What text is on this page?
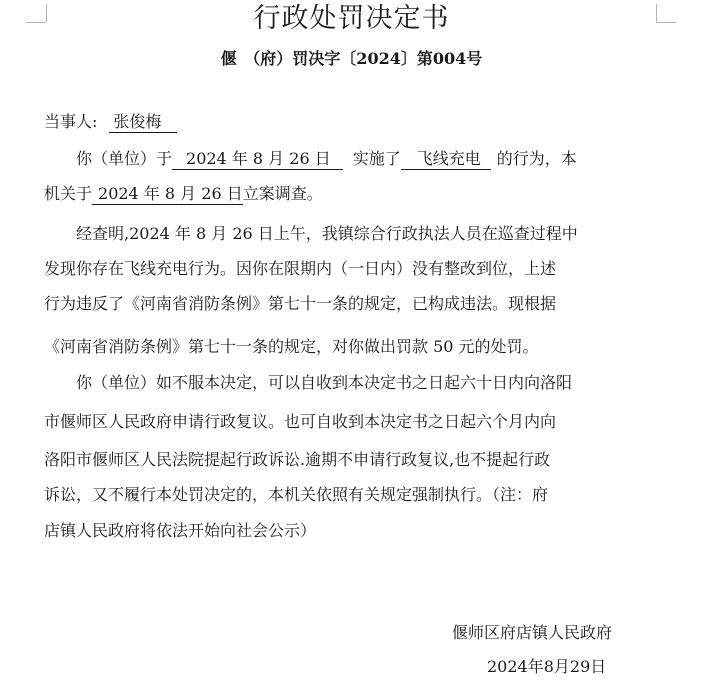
行政处罚决定书
偃 （府）罚决字〔2024〕第004号
当事人: 张俊梅
你（单位）于 2024 年 8 月 26 日 实施了 飞线充电 的行为，本
机关于 2024 年 8 月 26 日立案调查。
经查明,2024 年 8 月 26 日上午，我镇综合行政执法人员在巡查过程中
发现你存在飞线充电行为。因你在限期内（一日内）没有整改到位，上述
行为违反了《河南省消防条例》第七十一条的规定，已构成违法。现根据
《河南省消防条例》第七十一条的规定，对你做出罚款 50 元的处罚。
你（单位）如不服本决定，可以自收到本决定书之日起六十日内向洛阳
市偃师区人民政府申请行政复议。也可自收到本决定书之日起六个月内向
洛阳市偃师区人民法院提起行政诉讼.逾期不申请行政复议,也不提起行政
诉讼，又不履行本处罚决定的，本机关依照有关规定强制执行。（注：府
店镇人民政府将依法开始向社会公示）
偃师区府店镇人民政府
2024年8月29日
